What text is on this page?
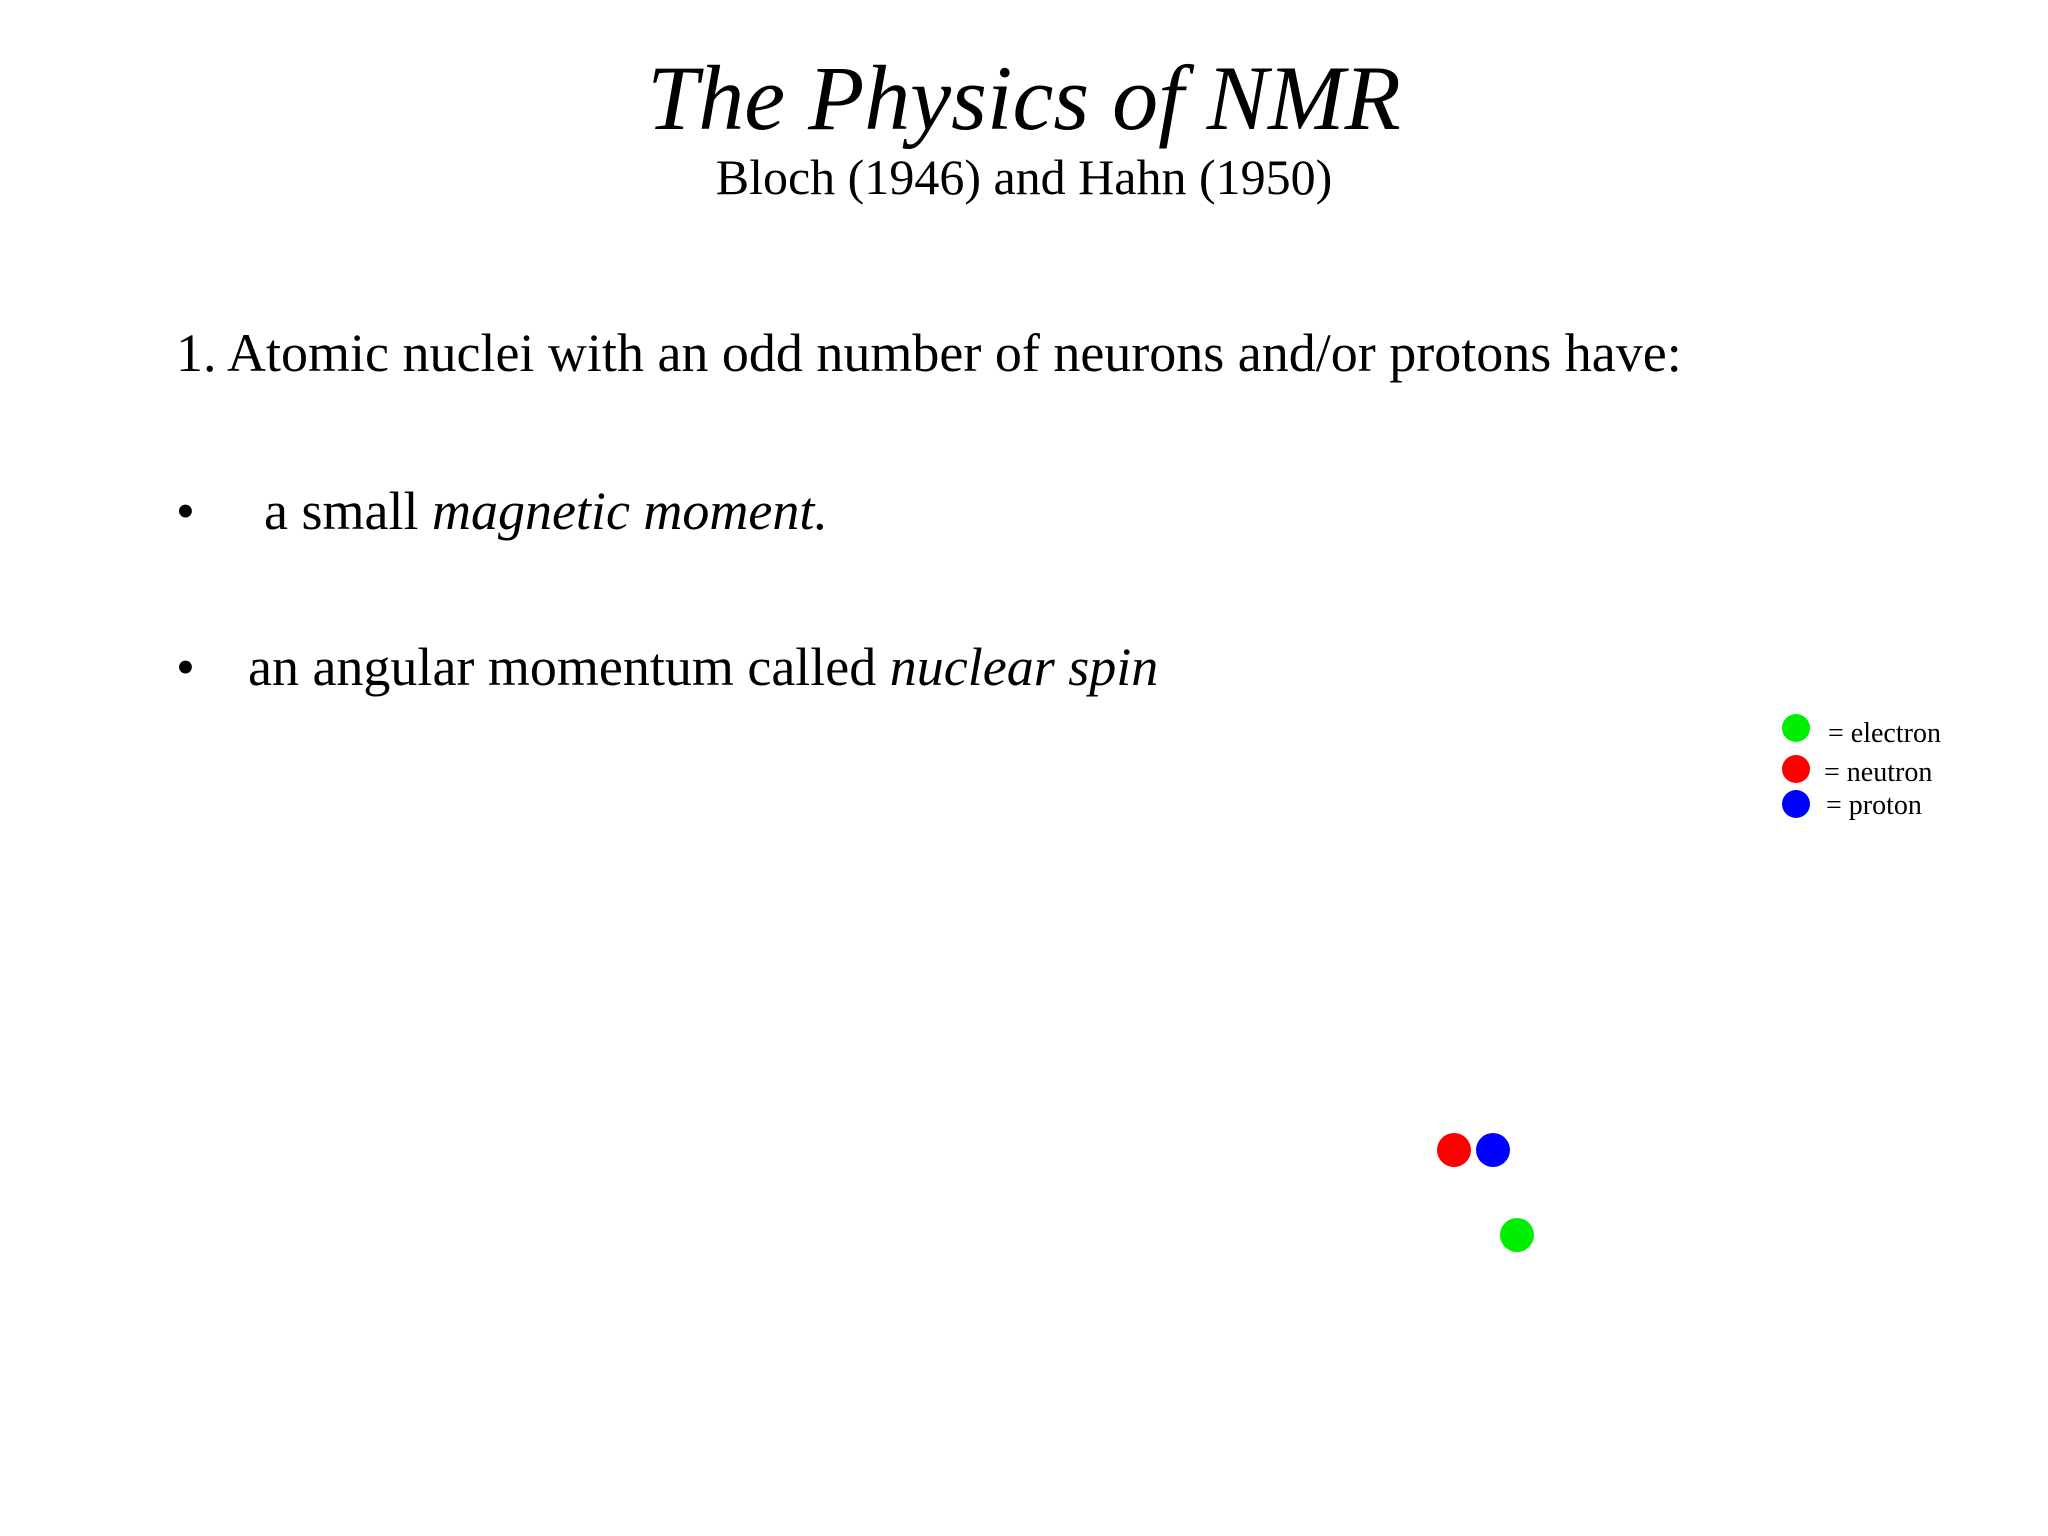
The Physics of NMR
Bloch (1946) and Hahn (1950)
1. Atomic nuclei with an odd number of neurons and/or protons have:
• a small magnetic moment.
• an angular momentum called nuclear spin
= electron
= neutron
= proton
